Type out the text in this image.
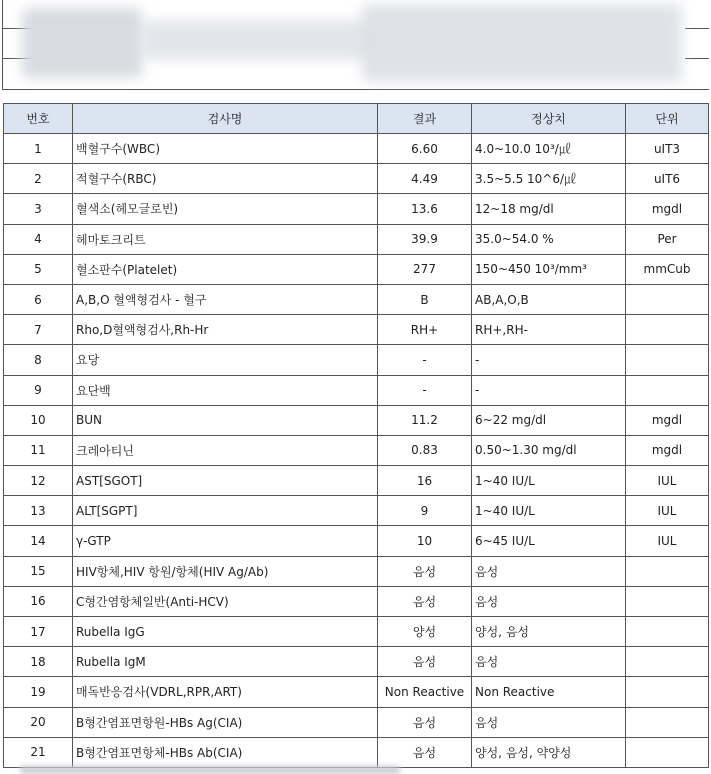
번호	검사명	결과	정상치	단위
1	백혈구수(WBC)	6.60	4.0~10.0 10³/㎕	uIT3
2	적혈구수(RBC)	4.49	3.5~5.5 10^6/㎕	uIT6
3	혈색소(헤모글로빈)	13.6	12~18 mg/dl	mgdl
4	헤마토크리트	39.9	35.0~54.0 %	Per
5	혈소판수(Platelet)	277	150~450 10³/mm³	mmCub
6	A,B,O 혈액형검사 - 혈구	B	AB,A,O,B	
7	Rho,D혈액형검사,Rh-Hr	RH+	RH+,RH-	
8	요당	-	-	
9	요단백	-	-	
10	BUN	11.2	6~22 mg/dl	mgdl
11	크레아티닌	0.83	0.50~1.30 mg/dl	mgdl
12	AST[SGOT]	16	1~40 IU/L	IUL
13	ALT[SGPT]	9	1~40 IU/L	IUL
14	γ-GTP	10	6~45 IU/L	IUL
15	HIV항체,HIV 항원/항체(HIV Ag/Ab)	음성	음성	
16	C형간염항체일반(Anti-HCV)	음성	음성	
17	Rubella IgG	양성	양성, 음성	
18	Rubella IgM	음성	음성	
19	매독반응검사(VDRL,RPR,ART)	Non Reactive	Non Reactive	
20	B형간염표면항원-HBs Ag(CIA)	음성	음성	
21	B형간염표면항체-HBs Ab(CIA)	음성	양성, 음성, 약양성	
